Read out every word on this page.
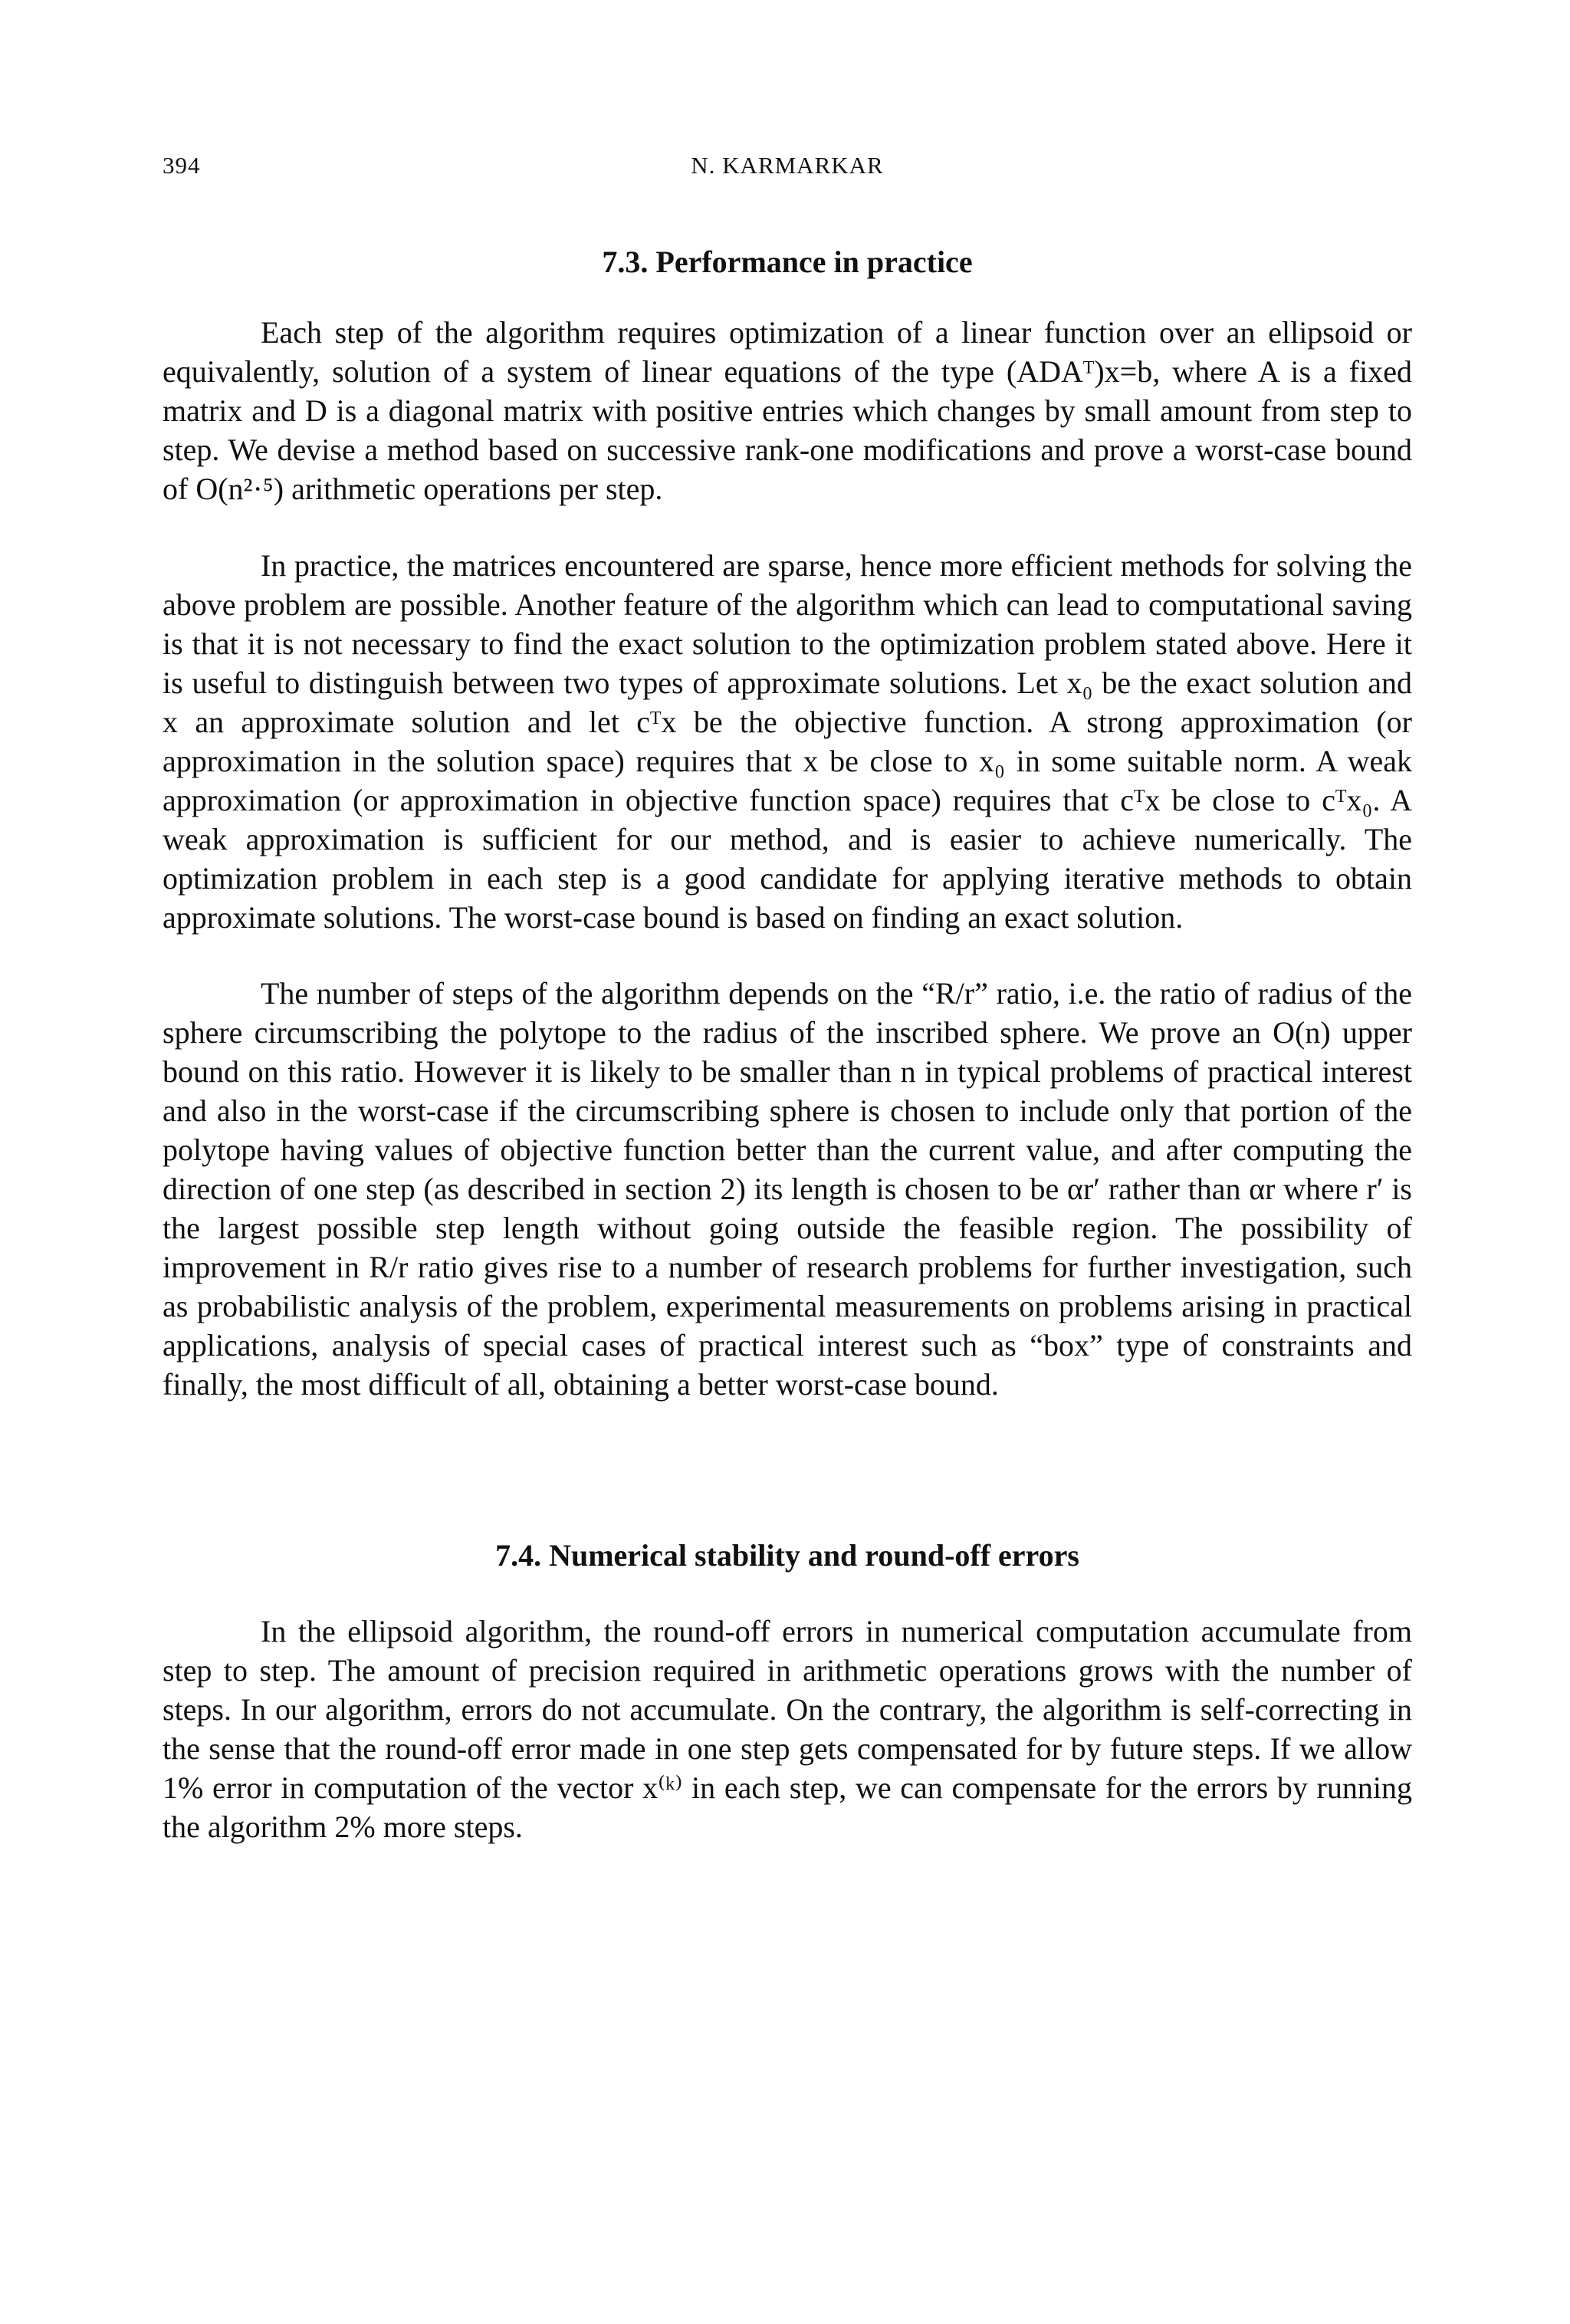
394	N. KARMARKAR
7.3. Performance in practice

Each step of the algorithm requires optimization of a linear function over an ellipsoid or equivalently, solution of a system of linear equations of the type (ADAᵀ)x=b, where A is a fixed matrix and D is a diagonal matrix with positive entries which changes by small amount from step to step. We devise a method based on successive rank-one modifications and prove a worst-case bound of O(n²·⁵) arithmetic operations per step.

In practice, the matrices encountered are sparse, hence more efficient methods for solving the above problem are possible. Another feature of the algorithm which can lead to computational saving is that it is not necessary to find the exact solution to the optimization problem stated above. Here it is useful to distinguish between two types of approximate solutions. Let x₀ be the exact solution and x an approximate solution and let cᵀx be the objective function. A strong approximation (or approximation in the solution space) requires that x be close to x₀ in some suitable norm. A weak approximation (or approximation in objective function space) requires that cᵀx be close to cᵀx₀. A weak approximation is sufficient for our method, and is easier to achieve numerically. The optimization problem in each step is a good candidate for applying iterative methods to obtain approximate solutions. The worst-case bound is based on finding an exact solution.

The number of steps of the algorithm depends on the “R/r” ratio, i.e. the ratio of radius of the sphere circumscribing the polytope to the radius of the inscribed sphere. We prove an O(n) upper bound on this ratio. However it is likely to be smaller than n in typical problems of practical interest and also in the worst-case if the circumscribing sphere is chosen to include only that portion of the polytope having values of objective function better than the current value, and after computing the direction of one step (as described in section 2) its length is chosen to be αr′ rather than αr where r′ is the largest possible step length without going outside the feasible region. The possibility of improvement in R/r ratio gives rise to a number of research problems for further investigation, such as probabilistic analysis of the problem, experimental measurements on problems arising in practical applications, analysis of special cases of practical interest such as “box” type of constraints and finally, the most difficult of all, obtaining a better worst-case bound.

7.4. Numerical stability and round-off errors

In the ellipsoid algorithm, the round-off errors in numerical computation accumulate from step to step. The amount of precision required in arithmetic operations grows with the number of steps. In our algorithm, errors do not accumulate. On the contrary, the algorithm is self-correcting in the sense that the round-off error made in one step gets compensated for by future steps. If we allow 1% error in computation of the vector x⁽ᵏ⁾ in each step, we can compensate for the errors by running the algorithm 2% more steps.
